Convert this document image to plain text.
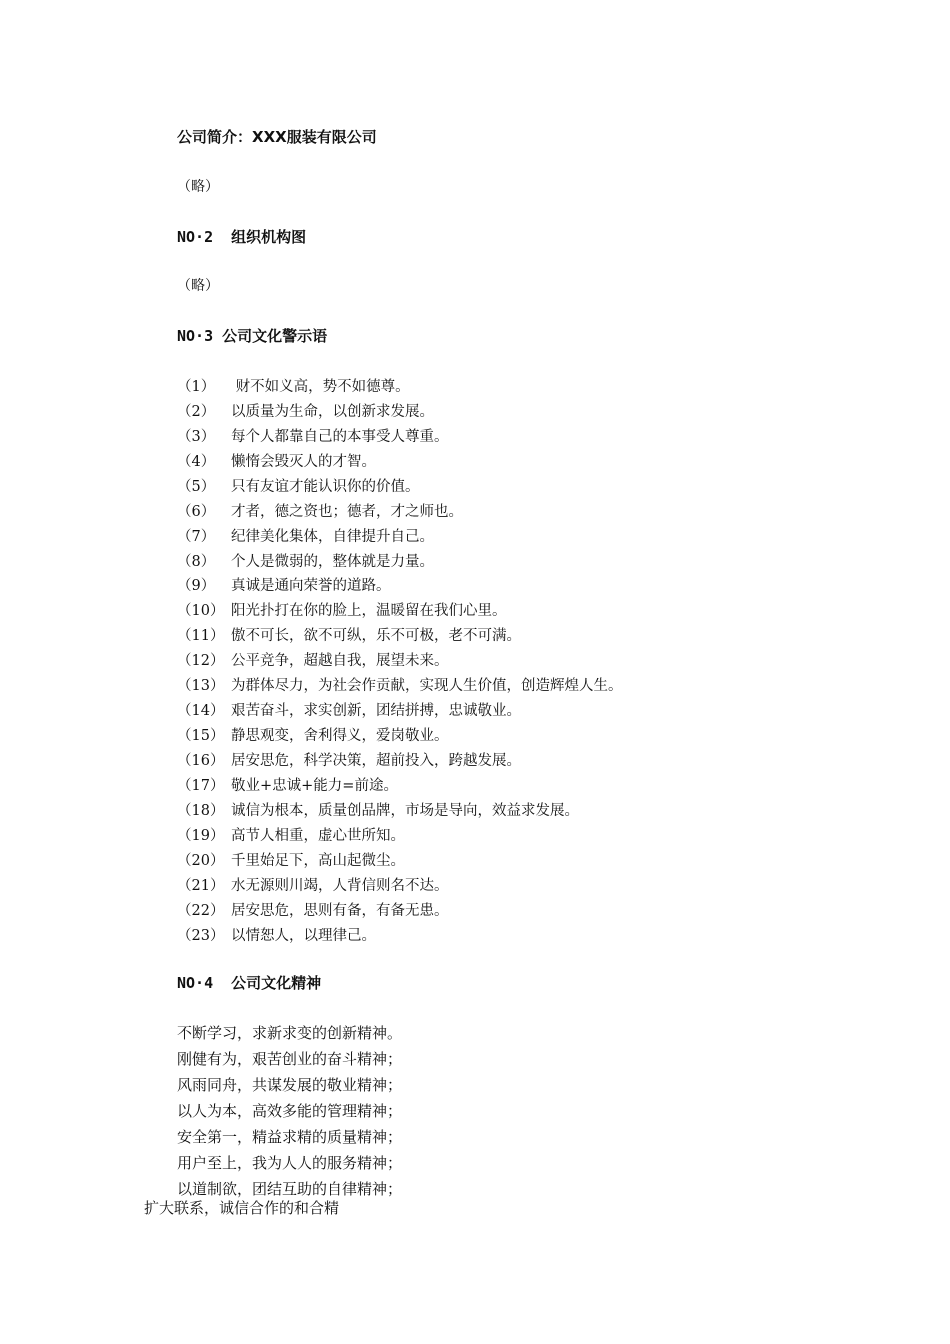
公司简介：XXX服装有限公司
（略）
NO·2  组织机构图
（略）
NO·3 公司文化警示语
（1）	财不如义高，势不如德尊。
（2）	以质量为生命，以创新求发展。
（3）	每个人都靠自己的本事受人尊重。
（4）	懒惰会毁灭人的才智。
（5）	只有友谊才能认识你的价值。
（6）	才者，德之资也；德者，才之师也。
（7）	纪律美化集体，自律提升自己。
（8）	个人是微弱的，整体就是力量。
（9）	真诚是通向荣誉的道路。
（10） 阳光扑打在你的脸上，温暖留在我们心里。
（11） 傲不可长，欲不可纵，乐不可极，老不可满。
（12） 公平竞争，超越自我，展望未来。
（13） 为群体尽力，为社会作贡献，实现人生价值，创造辉煌人生。
（14） 艰苦奋斗，求实创新，团结拼搏，忠诚敬业。
（15） 静思观变，舍利得义，爱岗敬业。
（16） 居安思危，科学决策，超前投入，跨越发展。
（17） 敬业+忠诚+能力=前途。
（18） 诚信为根本，质量创品牌，市场是导向，效益求发展。
（19） 高节人相重，虚心世所知。
（20） 千里始足下，高山起微尘。
（21） 水无源则川竭，人背信则名不达。
（22） 居安思危，思则有备，有备无患。
（23） 以情恕人，以理律己。
NO·4  公司文化精神
不断学习，求新求变的创新精神。
刚健有为，艰苦创业的奋斗精神；
风雨同舟，共谋发展的敬业精神；
以人为本，高效多能的管理精神；
安全第一，精益求精的质量精神；
用户至上，我为人人的服务精神；
以道制欲，团结互助的自律精神；
扩大联系，诚信合作的和合精
